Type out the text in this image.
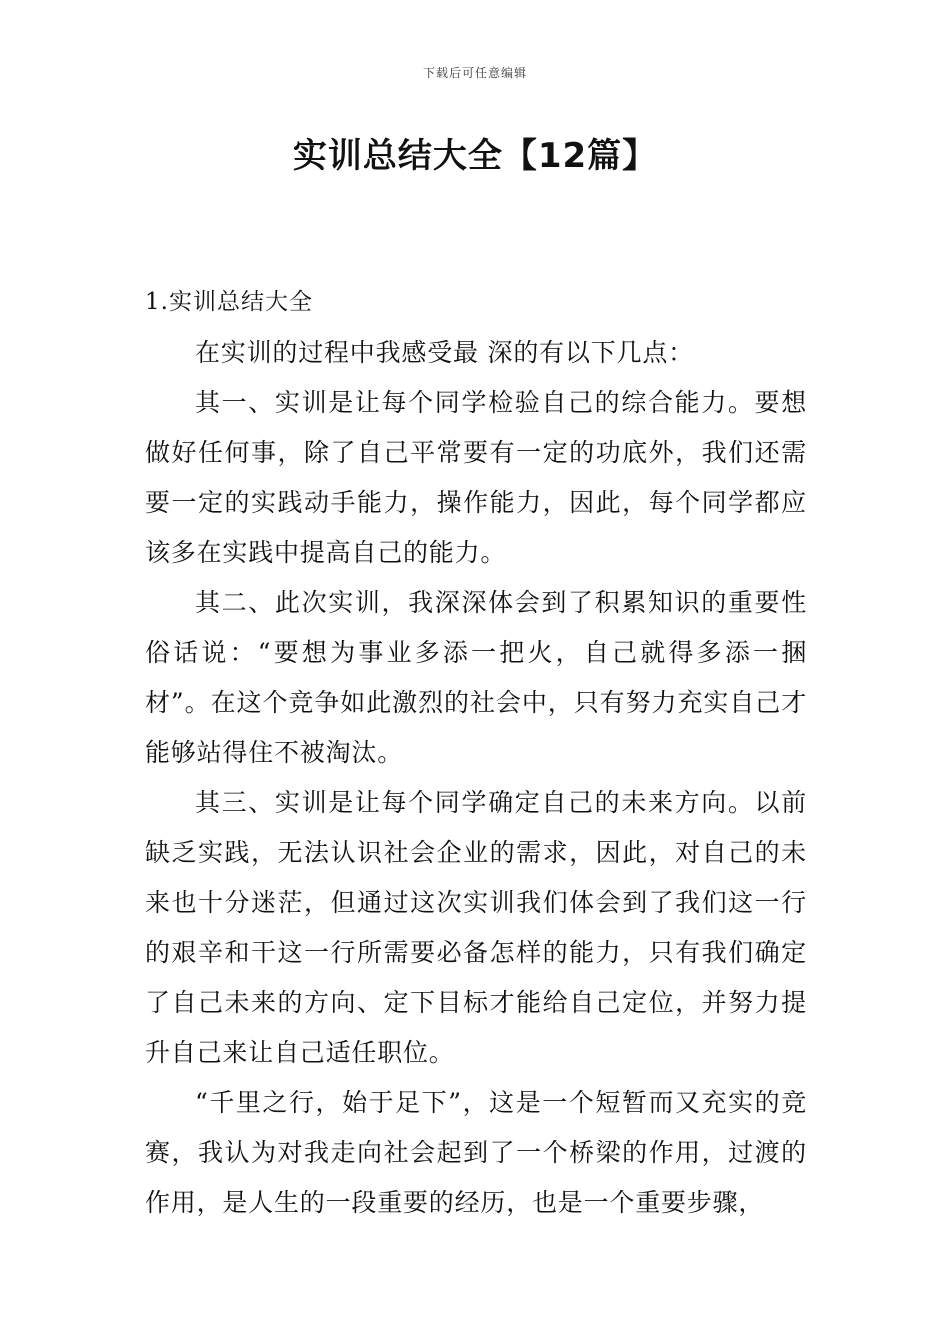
下载后可任意编辑
实训总结大全【12篇】
1.实训总结大全

在实训的过程中我感受最 深的有以下几点：

其一、实训是让每个同学检验自己的综合能力。要想做好任何事，除了自己平常要有一定的功底外，我们还需要一定的实践动手能力，操作能力，因此，每个同学都应该多在实践中提高自己的能力。

其二、此次实训，我深深体会到了积累知识的重要性俗话说：“要想为事业多添一把火，自己就得多添一捆材”。在这个竞争如此激烈的社会中，只有努力充实自己才能够站得住不被淘汰。

其三、实训是让每个同学确定自己的未来方向。以前缺乏实践，无法认识社会企业的需求，因此，对自己的未来也十分迷茫，但通过这次实训我们体会到了我们这一行的艰辛和干这一行所需要必备怎样的能力，只有我们确定了自己未来的方向、定下目标才能给自己定位，并努力提升自己来让自己适任职位。

“千里之行，始于足下”，这是一个短暂而又充实的竞赛，我认为对我走向社会起到了一个桥梁的作用，过渡的作用，是人生的一段重要的经历，也是一个重要步骤，
